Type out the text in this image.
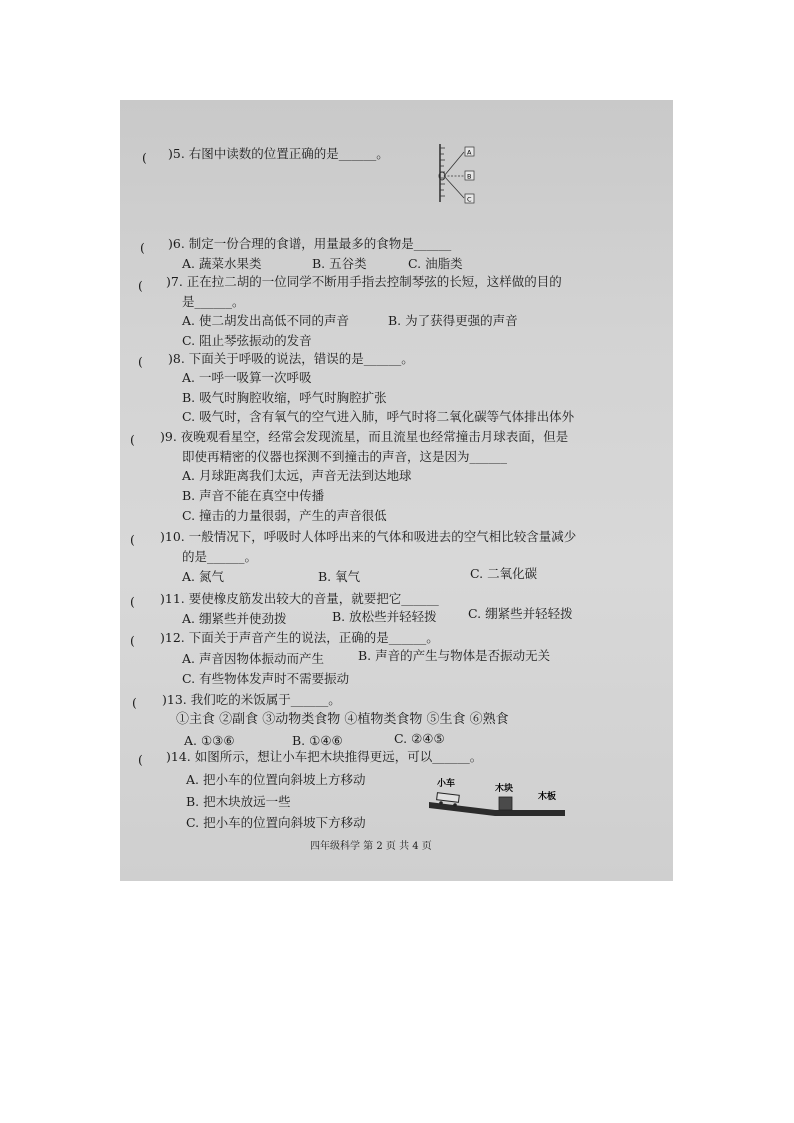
( )5. 右图中读数的位置正确的是______。	A
B
C
( )6. 制定一份合理的食谱，用量最多的食物是______
A. 蔬菜水果类	B. 五谷类	C. 油脂类
( )7. 正在拉二胡的一位同学不断用手指去控制琴弦的长短，这样做的目的
是______。
A. 使二胡发出高低不同的声音	B. 为了获得更强的声音
C. 阻止琴弦振动的发音
( )8. 下面关于呼吸的说法，错误的是______。
A. 一呼一吸算一次呼吸
B. 吸气时胸腔收缩，呼气时胸腔扩张
C. 吸气时，含有氧气的空气进入肺，呼气时将二氧化碳等气体排出体外
( )9. 夜晚观看星空，经常会发现流星，而且流星也经常撞击月球表面，但是
即使再精密的仪器也探测不到撞击的声音，这是因为______
A. 月球距离我们太远，声音无法到达地球
B. 声音不能在真空中传播
C. 撞击的力量很弱，产生的声音很低
( )10. 一般情况下，呼吸时人体呼出来的气体和吸进去的空气相比较含量减少
的是______。
A. 氮气	B. 氧气	C. 二氧化碳
( )11. 要使橡皮筋发出较大的音量，就要把它______
A. 绷紧些并使劲拨	B. 放松些并轻轻拨	C. 绷紧些并轻轻拨
( )12. 下面关于声音产生的说法，正确的是______。
A. 声音因物体振动而产生	B. 声音的产生与物体是否振动无关
C. 有些物体发声时不需要振动
( )13. 我们吃的米饭属于______。
①主食 ②副食 ③动物类食物 ④植物类食物 ⑤生食 ⑥熟食
A. ①③⑥	B. ①④⑥	C. ②④⑤
( )14. 如图所示，想让小车把木块推得更远，可以______。
A. 把小车的位置向斜坡上方移动
B. 把木块放远一些
C. 把小车的位置向斜坡下方移动
小车	木块
木板
四年级科学 第 2 页 共 4 页
